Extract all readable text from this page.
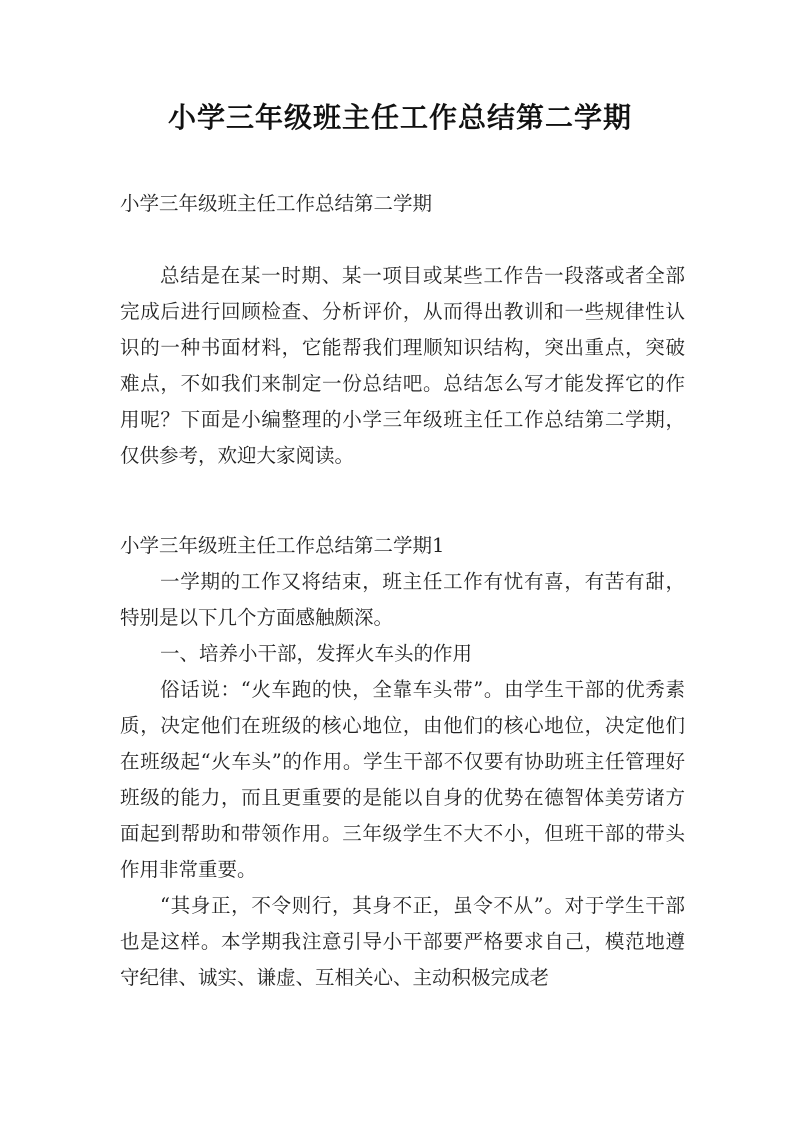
小学三年级班主任工作总结第二学期
小学三年级班主任工作总结第二学期
总结是在某一时期、某一项目或某些工作告一段落或者全部完成后进行回顾检查、分析评价，从而得出教训和一些规律性认识的一种书面材料，它能帮我们理顺知识结构，突出重点，突破难点，不如我们来制定一份总结吧。总结怎么写才能发挥它的作用呢？下面是小编整理的小学三年级班主任工作总结第二学期，仅供参考，欢迎大家阅读。
小学三年级班主任工作总结第二学期1

一学期的工作又将结束，班主任工作有忧有喜，有苦有甜，特别是以下几个方面感触颇深。

一、培养小干部，发挥火车头的作用

俗话说：“火车跑的快，全靠车头带”。由学生干部的优秀素质，决定他们在班级的核心地位，由他们的核心地位，决定他们在班级起“火车头”的作用。学生干部不仅要有协助班主任管理好班级的能力，而且更重要的是能以自身的优势在德智体美劳诸方面起到帮助和带领作用。三年级学生不大不小，但班干部的带头作用非常重要。

“其身正，不令则行，其身不正，虽令不从”。对于学生干部也是这样。本学期我注意引导小干部要严格要求自己，模范地遵守纪律、诚实、谦虚、互相关心、主动积极完成老
